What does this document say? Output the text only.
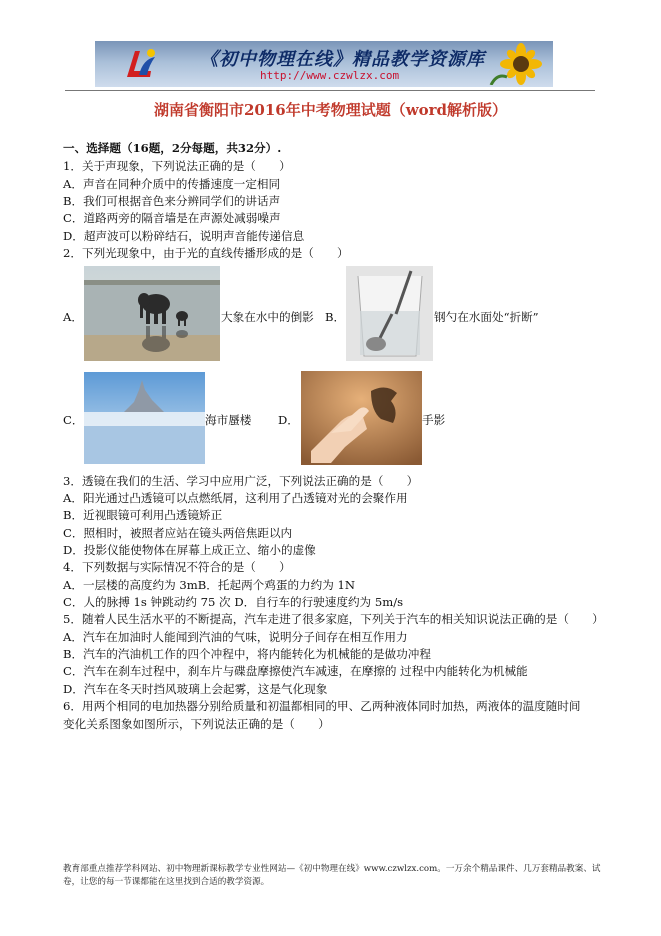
《初中物理在线》精品教学资源库
http://www.czwlzx.com
湖南省衡阳市2016年中考物理试题（word解析版）
一、选择题（16题，2分每题，共32分）.
1．关于声现象，下列说法正确的是（　　）
A．声音在同种介质中的传播速度一定相同
B．我们可根据音色来分辨同学们的讲话声
C．道路两旁的隔音墙是在声源处减弱噪声
D．超声波可以粉碎结石，说明声音能传递信息
2．下列光现象中，由于光的直线传播形成的是（　　）
A．	大象在水中的倒影 B．	钢勺在水面处“折断”
C．	海市蜃楼 D．	手影
3．透镜在我们的生活、学习中应用广泛，下列说法正确的是（　　）
A．阳光通过凸透镜可以点燃纸屑，这利用了凸透镜对光的会聚作用
B．近视眼镜可利用凸透镜矫正
C．照相时，被照者应站在镜头两倍焦距以内
D．投影仪能使物体在屏幕上成正立、缩小的虚像
4．下列数据与实际情况不符合的是（　　）
A．一层楼的高度约为 3mB．托起两个鸡蛋的力约为 1N
C．人的脉搏 1s 钟跳动约 75 次 D．自行车的行驶速度约为 5m/s
5．随着人民生活水平的不断提高，汽车走进了很多家庭，下列关于汽车的相关知识说法正确的是（　　）
A．汽车在加油时人能闻到汽油的气味，说明分子间存在相互作用力
B．汽车的汽油机工作的四个冲程中，将内能转化为机械能的是做功冲程
C．汽车在刹车过程中，刹车片与碟盘摩擦使汽车减速，在摩擦的 过程中内能转化为机械能
D．汽车在冬天时挡风玻璃上会起雾，这是气化现象
6．用两个相同的电加热器分别给质量和初温都相同的甲、乙两种液体同时加热，两液体的温度随时间
变化关系图象如图所示，下列说法正确的是（　　）
教育部重点推荐学科网站、初中物理新课标教学专业性网站—《初中物理在线》www.czwlzx.com。一万余个精品课件、几万套精品教案、试卷，让您的每一节课都能在这里找到合适的教学资源。
